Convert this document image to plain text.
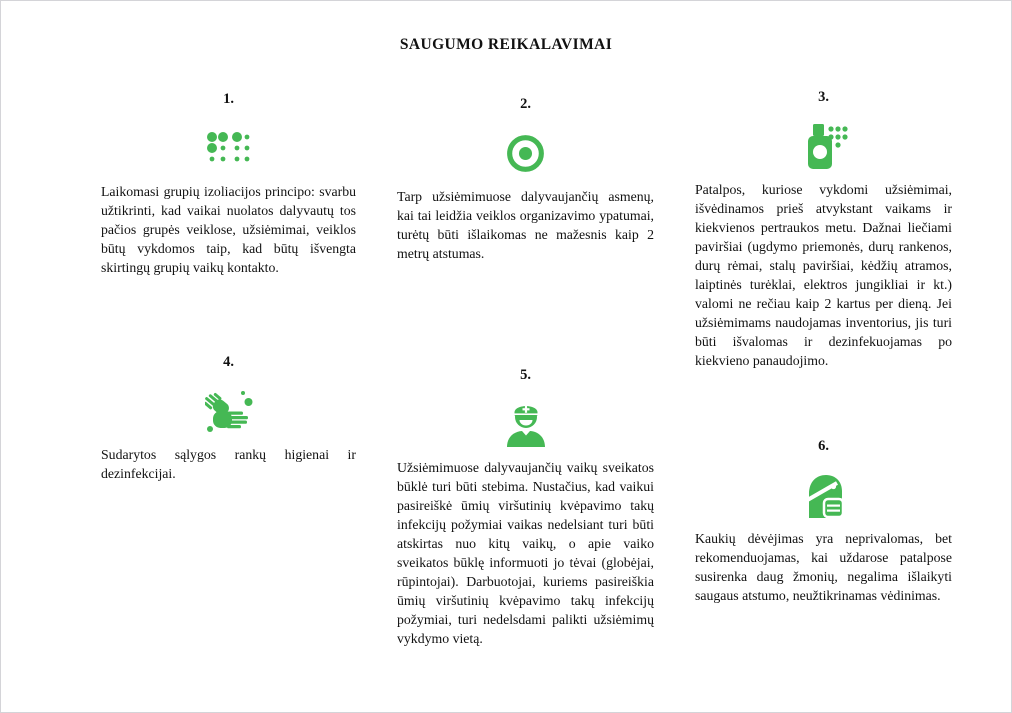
SAUGUMO REIKALAVIMAI
1.

Laikomasi grupių izoliacijos principo: svarbu užtikrinti, kad vaikai nuolatos dalyvautų tos pačios grupės veiklose, užsiėmimai, veiklos būtų vykdomos taip, kad būtų išvengta skirtingų grupių vaikų kontakto.

2.

Tarp užsiėmimuose dalyvaujančių asmenų, kai tai leidžia veiklos organizavimo ypatumai, turėtų būti išlaikomas ne mažesnis kaip 2 metrų atstumas.

3.

Patalpos, kuriose vykdomi užsiėmimai, išvėdinamos prieš atvykstant vaikams ir kiekvienos pertraukos metu. Dažnai liečiami paviršiai (ugdymo priemonės, durų rankenos, durų rėmai, stalų paviršiai, kėdžių atramos, laiptinės turėklai, elektros jungikliai ir kt.) valomi ne rečiau kaip 2 kartus per dieną. Jei užsiėmimams naudojamas inventorius, jis turi būti išvalomas ir dezinfekuojamas po kiekvieno panaudojimo.

4.

Sudarytos sąlygos rankų higienai ir dezinfekcijai.

5.

Užsiėmimuose dalyvaujančių vaikų sveikatos būklė turi būti stebima. Nustačius, kad vaikui pasireiškė ūmių viršutinių kvėpavimo takų infekcijų požymiai vaikas nedelsiant turi būti atskirtas nuo kitų vaikų, o apie vaiko sveikatos būklę informuoti jo tėvai (globėjai, rūpintojai). Darbuotojai, kuriems pasireiškia ūmių viršutinių kvėpavimo takų infekcijų požymiai, turi nedelsdami palikti užsiėmimų vykdymo vietą.

6.

Kaukių dėvėjimas yra neprivalomas, bet rekomenduojamas, kai uždarose patalpose susirenka daug žmonių, negalima išlaikyti saugaus atstumo, neužtikrinamas vėdinimas.
